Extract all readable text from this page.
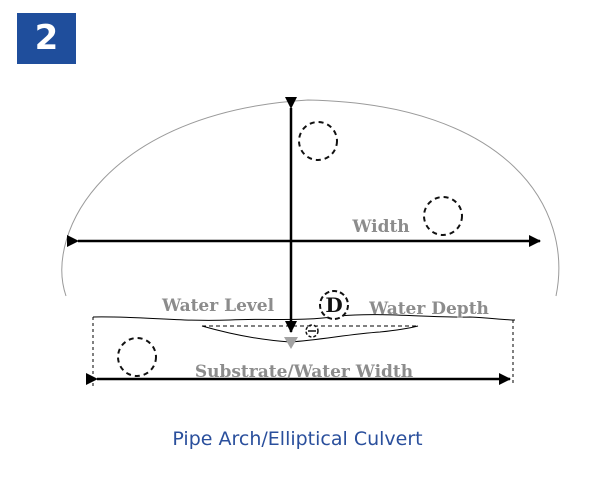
2
D
Width
Water Level	Water Depth
Substrate/Water Width
Pipe Arch/Elliptical Culvert
